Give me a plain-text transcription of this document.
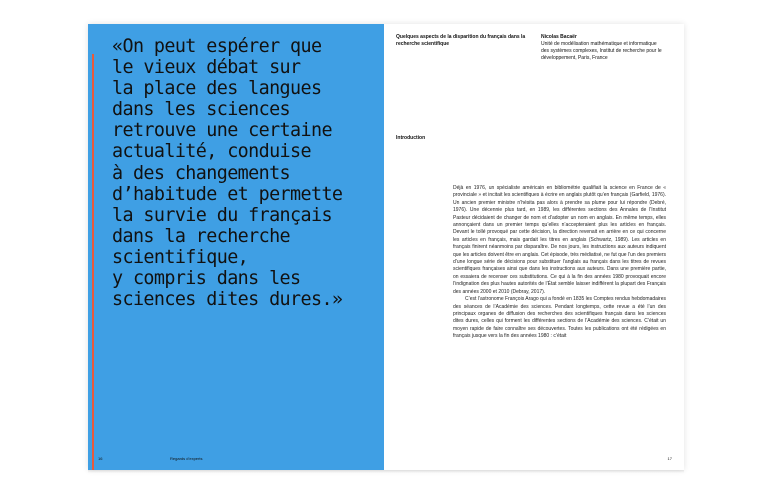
«On peut espérer que
le vieux débat sur
la place des langues
dans les sciences
retrouve une certaine
actualité, conduise
à des changements
d’habitude et permette
la survie du français
dans la recherche
scientifique,
y compris dans les
sciences dites dures.»
16	Regards d’experts
Quelques aspects de la disparition du français dans la recherche scientifique
Nicolas Bacaër
Unité de modélisation mathématique et informatique des systèmes complexes, Institut de recherche pour le développement, Paris, France
Introduction

Déjà en 1976, un spécialiste américain en bibliométrie qualifiait la science en France de « provinciale » et incitait les scientifiques à écrire en anglais plutôt qu’en français (Garfield, 1976). Un ancien premier ministre n’hésita pas alors à prendre sa plume pour lui répondre (Debré, 1976). Une décennie plus tard, en 1989, les différentes sections des Annales de l’Institut Pasteur décidaient de changer de nom et d’adopter un nom en anglais. En même temps, elles annonçaient dans un premier temps qu’elles n’accepteraient plus les articles en français. Devant le tollé provoqué par cette décision, la direction revenait en arrière en ce qui concerne les articles en français, mais gardait les titres en anglais (Schwartz, 1989). Les articles en français finirent néanmoins par disparaître. De nos jours, les instructions aux auteurs indiquent que les articles doivent être en anglais. Cet épisode, très médiatisé, ne fut que l’un des premiers d’une longue série de décisions pour substituer l’anglais au français dans les titres de revues scientifiques françaises ainsi que dans les instructions aux auteurs. Dans une première partie, on essaiera de recenser ces substitutions. Ce qui à la fin des années 1980 provoquait encore l’indignation des plus hautes autorités de l’État semble laisser indifférent la plupart des Français des années 2000 et 2010 (Debray, 2017).

C’est l’astronome François Arago qui a fondé en 1835 les Comptes rendus hebdomadaires des séances de l’Académie des sciences. Pendant longtemps, cette revue a été l’un des principaux organes de diffusion des recherches des scientifiques français dans les sciences dites dures, celles qui forment les différentes sections de l’Académie des sciences. C’était un moyen rapide de faire connaître ses découvertes. Toutes les publications ont été rédigées en français jusque vers la fin des années 1980 : c’était

17
